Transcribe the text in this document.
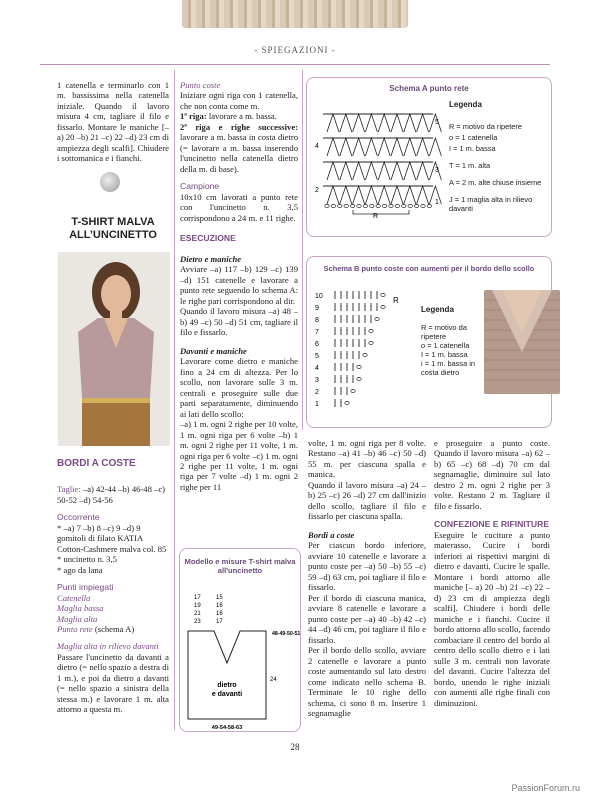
- SPIEGAZIONI -

1 catenella e terminarlo con 1 m. bassissima nella catenella iniziale. Quando il lavoro misura 4 cm, tagliare il filo e fissarlo. Montare le maniche [– a) 20 –b) 21 –c) 22 –d) 23 cm di ampiezza degli scalfi]. Chiudere i sottomanica e i fianchi.

T-SHIRT MALVA ALL’UNCINETTO

BORDI A COSTE

Taglie: –a) 42-44 –b) 46-48 –c) 50-52 –d) 54-56

Occorrente

* –a) 7 –b) 8 –c) 9 –d) 9 gomitoli di filato KATIA Cotton-Cashmere malva col. 85

* uncinetto n. 3,5

* ago da lana

Punti impiegati

Catenella

Maglia bassa

Maglia alta

Punto rete (schema A)

Maglia alta in rilievo davanti

Passare l'uncinetto da davanti a dietro (= nello spazio a destra di 1 m.), e poi da dietro a davanti (= nello spazio a sinistra della stessa m.) e lavorare 1 m. alta attorno a questa m.

Punto coste

Iniziare ogni riga con 1 catenella, che non conta come m.

1ª riga: lavorare a m. bassa.

2ª riga e righe successive: lavorare a m. bassa in costa dietro (= lavorare a m. bassa inserendo l'uncinetto nella catenella dietro della m. di base).

Campione

10x10 cm lavorati a punto rete con l'uncinetto n. 3,5 corrispondono a 24 m. e 11 righe.

ESECUZIONE

Dietro e maniche

Avviare –a) 117 –b) 129 –c) 139 –d) 151 catenelle e lavorare a punto rete seguendo lo schema A: le righe pari corrispondono al dir.

Quando il lavoro misura –a) 48 –b) 49 –c) 50 –d) 51 cm, tagliare il filo e fissarlo.

Davanti e maniche

Lavorare come dietro e maniche fino a 24 cm di altezza. Per lo scollo, non lavorare sulle 3 m. centrali e proseguire sulle due parti separatamente, diminuendo ai lati dello scollo:

–a) 1 m. ogni 2 righe per 10 volte, 1 m. ogni riga per 6 volte –b) 1 m. ogni 2 righe per 11 volte, 1 m. ogni riga per 6 volte –c) 1 m. ogni 2 righe per 11 volte, 1 m. ogni riga per 7 volte –d) 1 m. ogni 2 righe per 11

Modello e misure T-shirt malva all'uncinetto
17
19
21
23
15
16
16
17
48-49-50-51
24
dietro e davanti
49-54-58-63
Schema A punto rete
5
4
3
2
1
R
Legenda
R = motivo da ripetere
o = 1 catenella
I = 1 m. bassa
T = 1 m. alta
A = 2 m. alte chiuse insieme
J = 1 maglia alta in rilievo davanti
Schema B punto coste con aumenti per il bordo dello scollo
10
9
8
7
6
5
4
3
2
1
R
Legenda
R = motivo da ripetere
o = 1 catenella
I = 1 m. bassa
i = 1 m. bassa in costa dietro

volte, 1 m. ogni riga per 8 volte. Restano –a) 41 –b) 46 –c) 50 –d) 55 m. per ciascuna spalla e manica.

Quando il lavoro misura –a) 24 –b) 25 –c) 26 –d) 27 cm dall'inizio dello scollo, tagliare il filo e fissarlo per ciascuna spalla.

Bordi a coste

Per ciascun bordo inferiore, avviare 10 catenelle e lavorare a punto coste per –a) 50 –b) 55 –c) 59 –d) 63 cm, poi tagliare il filo e fissarlo.

Per il bordo di ciascuna manica, avviare 8 catenelle e lavorare a punto coste per –a) 40 –b) 42 –c) 44 –d) 46 cm, poi tagliare il filo e fissarlo.

Per il bordo dello scollo, avviare 2 catenelle e lavorare a punto coste aumentando sul lato destro come indicato nello schema B. Terminate le 10 righe dello schema, ci sono 8 m. Inserire 1 segnamaglie

e proseguire a punto coste. Quando il lavoro misura –a) 62 –b) 65 –c) 68 –d) 70 cm dal segnamaglie, diminuire sul lato destro 2 m. ogni 2 righe per 3 volte. Restano 2 m. Tagliare il filo e fissarlo.

CONFEZIONE E RIFINITURE

Eseguire le cuciture a punto materasso. Cucire i bordi inferiori ai rispettivi margini di dietro e davanti. Cucire le spalle. Montare i bordi attorno alle maniche [– a) 20 –b) 21 –c) 22 –d) 23 cm di ampiezza degli scalfi]. Chiudere i bordi delle maniche e i fianchi. Cucire il bordo attorno allo scollo, facendo combaciare il centro del bordo al centro dello scollo dietro e i lati sulle 3 m. centrali non lavorate del davanti. Cucire l'altezza del bordo, unendo le righe iniziali con aumenti alle righe finali con diminuzioni.

28
PassionForum.ru
